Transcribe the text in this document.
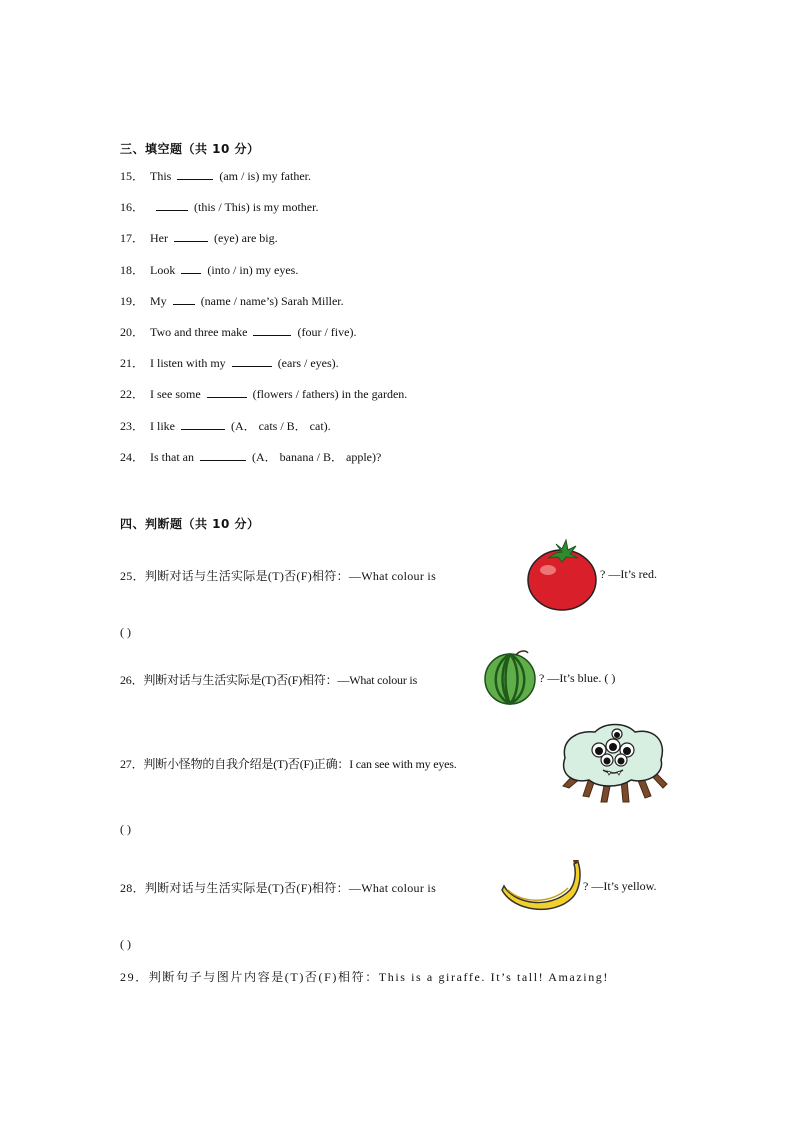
三、填空题（共 10 分）
15． This	(am / is) my father.
16．	(this / This) is my mother.
17． Her	(eye) are big.
18． Look	(into / in) my eyes.
19． My	(name / name’s) Sarah Miller.
20． Two and three make	(four / five).
21． I listen with my	(ears / eyes).
22． I see some	(flowers / fathers) in the garden.
23． I like	(A． cats / B． cat).
24． Is that an	(A． banana / B． apple)?
四、判断题（共 10 分）
25．判断对话与生活实际是(T)否(F)相符：—What colour is	? —It’s red.
( )
26．判断对话与生活实际是(T)否(F)相符：—What colour is	? —It’s blue. ( )
27．判断小怪物的自我介绍是(T)否(F)正确：I can see with my eyes.
( )
28．判断对话与生活实际是(T)否(F)相符：—What colour is	? —It’s yellow.
( )
29．判断句子与图片内容是(T)否(F)相符：This is a giraffe. It’s tall! Amazing!
